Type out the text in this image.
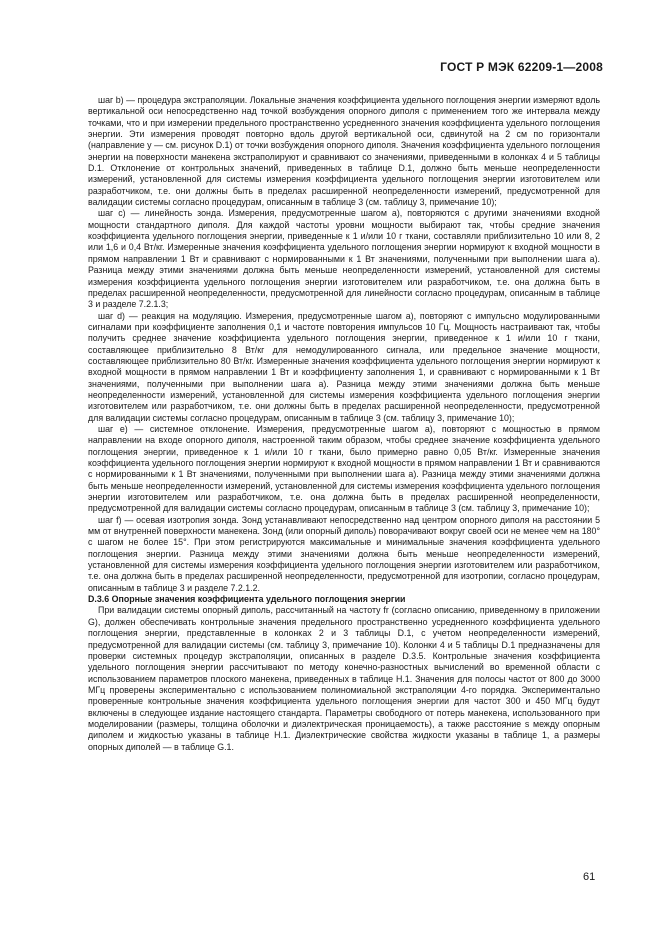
ГОСТ Р МЭК 62209-1—2008

шаг b) — процедура экстраполяции. Локальные значения коэффициента удельного поглощения энергии измеряют вдоль вертикальной оси непосредственно над точкой возбуждения опорного диполя с применением того же интервала между точками, что и при измерении предельного пространственно усредненного значения коэффициента удельного поглощения энергии. Эти измерения проводят повторно вдоль другой вертикальной оси, сдвинутой на 2 см по горизонтали (направление у — см. рисунок D.1) от точки возбуждения опорного диполя. Значения коэффициента удельного поглощения энергии на поверхности манекена экстраполируют и сравнивают со значениями, приведенными в колонках 4 и 5 таблицы D.1. Отклонение от контрольных значений, приведенных в таблице D.1, должно быть меньше неопределенности измерений, установленной для системы измерения коэффициента удельного поглощения энергии изготовителем или разработчиком, т.е. они должны быть в пределах расширенной неопределенности измерений, предусмотренной для валидации системы согласно процедурам, описанным в таблице 3 (см. таблицу 3, примечание 10);

шаг c) — линейность зонда. Измерения, предусмотренные шагом a), повторяются с другими значениями входной мощности стандартного диполя. Для каждой частоты уровни мощности выбирают так, чтобы средние значения коэффициента удельного поглощения энергии, приведенные к 1 и/или 10 г ткани, составляли приблизительно 10 или 8, 2 или 1,6 и 0,4 Вт/кг. Измеренные значения коэффициента удельного поглощения энергии нормируют к входной мощности в прямом направлении 1 Вт и сравнивают с нормированными к 1 Вт значениями, полученными при выполнении шага a). Разница между этими значениями должна быть меньше неопределенности измерений, установленной для системы измерения коэффициента удельного поглощения энергии изготовителем или разработчиком, т.е. она должна быть в пределах расширенной неопределенности, предусмотренной для линейности согласно процедурам, описанным в таблице 3 и разделе 7.2.1.3;

шаг d) — реакция на модуляцию. Измерения, предусмотренные шагом a), повторяют с импульсно модулированными сигналами при коэффициенте заполнения 0,1 и частоте повторения импульсов 10 Гц. Мощность настраивают так, чтобы получить среднее значение коэффициента удельного поглощения энергии, приведенное к 1 и/или 10 г ткани, составляющее приблизительно 8 Вт/кг для немодулированного сигнала, или предельное значение мощности, составляющее приблизительно 80 Вт/кг. Измеренные значения коэффициента удельного поглощения энергии нормируют к входной мощности в прямом направлении 1 Вт и коэффициенту заполнения 1, и сравнивают с нормированными к 1 Вт значениями, полученными при выполнении шага a). Разница между этими значениями должна быть меньше неопределенности измерений, установленной для системы измерения коэффициента удельного поглощения энергии изготовителем или разработчиком, т.е. они должны быть в пределах расширенной неопределенности, предусмотренной для валидации системы согласно процедурам, описанным в таблице 3 (см. таблицу 3, примечание 10);

шаг e) — системное отклонение. Измерения, предусмотренные шагом a), повторяют с мощностью в прямом направлении на входе опорного диполя, настроенной таким образом, чтобы среднее значение коэффициента удельного поглощения энергии, приведенное к 1 и/или 10 г ткани, было примерно равно 0,05 Вт/кг. Измеренные значения коэффициента удельного поглощения энергии нормируют к входной мощности в прямом направлении 1 Вт и сравниваются с нормированными к 1 Вт значениями, полученными при выполнении шага a). Разница между этими значениями должна быть меньше неопределенности измерений, установленной для системы измерения коэффициента удельного поглощения энергии изготовителем или разработчиком, т.е. она должна быть в пределах расширенной неопределенности, предусмотренной для валидации системы согласно процедурам, описанным в таблице 3 (см. таблицу 3, примечание 10);

шаг f) — осевая изотропия зонда. Зонд устанавливают непосредственно над центром опорного диполя на расстоянии 5 мм от внутренней поверхности манекена. Зонд (или опорный диполь) поворачивают вокруг своей оси не менее чем на 180° с шагом не более 15°. При этом регистрируются максимальные и минимальные значения коэффициента удельного поглощения энергии. Разница между этими значениями должна быть меньше неопределенности измерений, установленной для системы измерения коэффициента удельного поглощения энергии изготовителем или разработчиком, т.е. она должна быть в пределах расширенной неопределенности, предусмотренной для изотропии, согласно процедурам, описанным в таблице 3 и разделе 7.2.1.2.

D.3.6 Опорные значения коэффициента удельного поглощения энергии

При валидации системы опорный диполь, рассчитанный на частоту fr (согласно описанию, приведенному в приложении G), должен обеспечивать контрольные значения предельного пространственно усредненного коэффициента удельного поглощения энергии, представленные в колонках 2 и 3 таблицы D.1, с учетом неопределенности измерений, предусмотренной для валидации системы (см. таблицу 3, примечание 10). Колонки 4 и 5 таблицы D.1 предназначены для проверки системных процедур экстраполяции, описанных в разделе D.3.5. Контрольные значения коэффициента удельного поглощения энергии рассчитывают по методу конечно-разностных вычислений во временной области с использованием параметров плоского манекена, приведенных в таблице H.1. Значения для полосы частот от 800 до 3000 МГц проверены экспериментально с использованием полиномиальной экстраполяции 4-го порядка. Экспериментально проверенные контрольные значения коэффициента удельного поглощения энергии для частот 300 и 450 МГц будут включены в следующее издание настоящего стандарта. Параметры свободного от потерь манекена, использованного при моделировании (размеры, толщина оболочки и диэлектрическая проницаемость), а также расстояние s между опорным диполем и жидкостью указаны в таблице H.1. Диэлектрические свойства жидкости указаны в таблице 1, а размеры опорных диполей — в таблице G.1.

61
